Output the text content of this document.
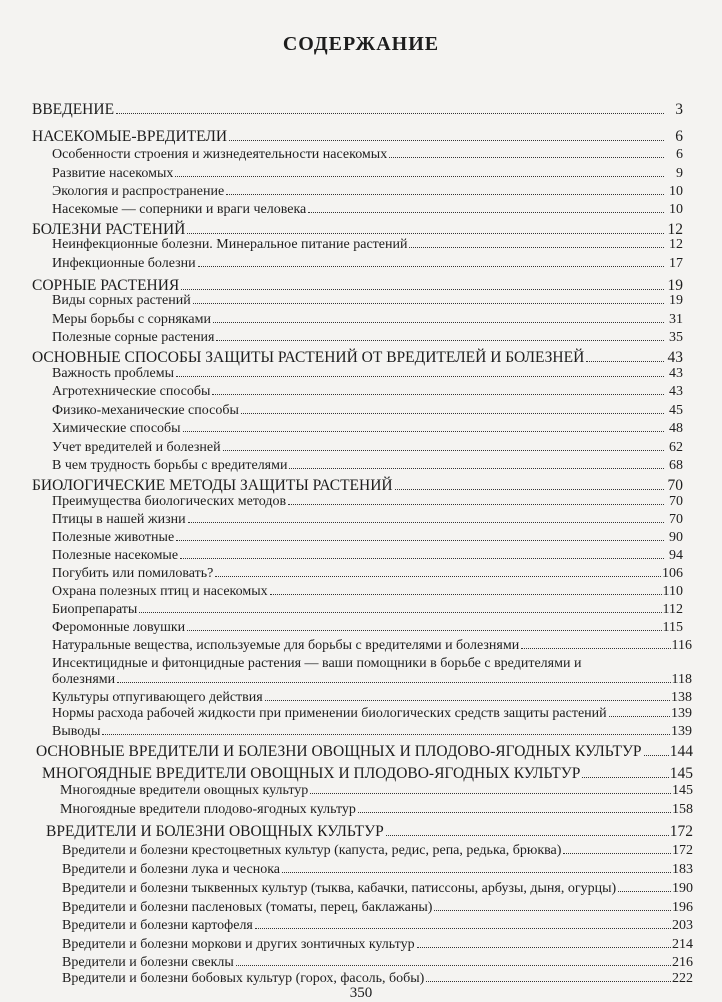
СОДЕРЖАНИЕ
ВВЕДЕНИЕ	3
НАСЕКОМЫЕ-ВРЕДИТЕЛИ	6
Особенности строения и жизнедеятельности насекомых	6
Развитие насекомых	9
Экология и распространение	10
Насекомые — соперники и враги человека	10
БОЛЕЗНИ РАСТЕНИЙ	12
Неинфекционные болезни. Минеральное питание растений	12
Инфекционные болезни	17
СОРНЫЕ РАСТЕНИЯ	19
Виды сорных растений	19
Меры борьбы с сорняками	31
Полезные сорные растения	35
ОСНОВНЫЕ СПОСОБЫ ЗАЩИТЫ РАСТЕНИЙ ОТ ВРЕДИТЕЛЕЙ И БОЛЕЗНЕЙ	43
Важность проблемы	43
Агротехнические способы	43
Физико-механические способы	45
Химические способы	48
Учет вредителей и болезней	62
В чем трудность борьбы с вредителями	68
БИОЛОГИЧЕСКИЕ МЕТОДЫ ЗАЩИТЫ РАСТЕНИЙ	70
Преимущества биологических методов	70
Птицы в нашей жизни	70
Полезные животные	90
Полезные насекомые	94
Погубить или помиловать?	106
Охрана полезных птиц и насекомых	110
Биопрепараты	112
Феромонные ловушки	115
Натуральные вещества, используемые для борьбы с вредителями и болезнями	116
Инсектицидные и фитонцидные растения — ваши помощники в борьбе с вредителями и
болезнями	118
Культуры отпугивающего действия	138
Нормы расхода рабочей жидкости при применении биологических средств защиты растений	139
Выводы	139
ОСНОВНЫЕ ВРЕДИТЕЛИ И БОЛЕЗНИ ОВОЩНЫХ И ПЛОДОВО-ЯГОДНЫХ КУЛЬТУР 144
МНОГОЯДНЫЕ ВРЕДИТЕЛИ ОВОЩНЫХ И ПЛОДОВО-ЯГОДНЫХ КУЛЬТУР	145
Многоядные вредители овощных культур	145
Многоядные вредители плодово-ягодных культур	158
ВРЕДИТЕЛИ И БОЛЕЗНИ ОВОЩНЫХ КУЛЬТУР	172
Вредители и болезни крестоцветных культур (капуста, редис, репа, редька, брюква)	172
Вредители и болезни лука и чеснока	183
Вредители и болезни тыквенных культур (тыква, кабачки, патиссоны, арбузы, дыня, огурцы)	190
Вредители и болезни пасленовых (томаты, перец, баклажаны)	196
Вредители и болезни картофеля	203
Вредители и болезни моркови и других зонтичных культур	214
Вредители и болезни свеклы	216
Вредители и болезни бобовых культур (горох, фасоль, бобы)	222
350
